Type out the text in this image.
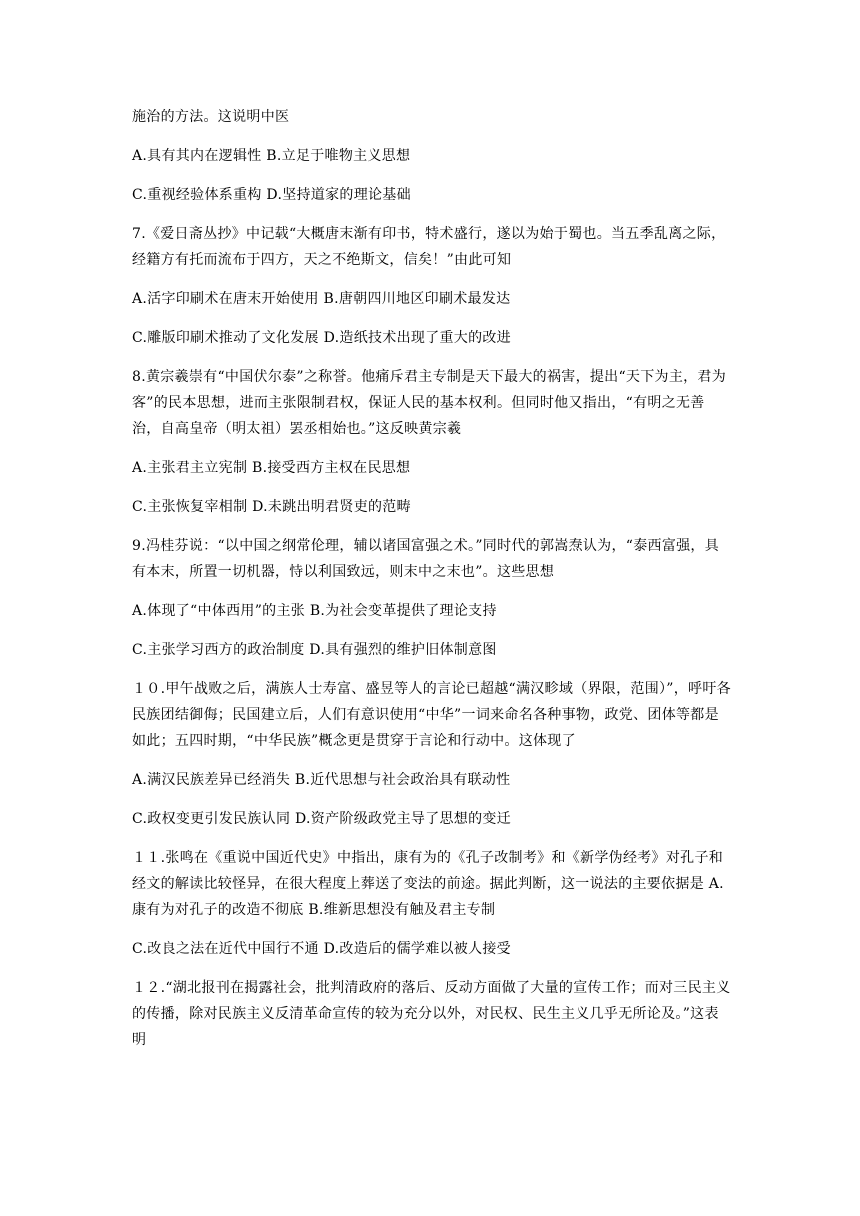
施治的方法。这说明中医

A.具有其内在逻辑性 B.立足于唯物主义思想

C.重视经验体系重构 D.坚持道家的理论基础

7.《爱日斋丛抄》中记载“大概唐末渐有印书，特术盛行，遂以为始于蜀也。当五季乱离之际，经籍方有托而流布于四方，天之不绝斯文，信矣！”由此可知

A.活字印刷术在唐末开始使用 B.唐朝四川地区印刷术最发达

C.雕版印刷术推动了文化发展 D.造纸技术出现了重大的改进

8.黄宗羲崇有“中国伏尔泰”之称誉。他痛斥君主专制是天下最大的祸害，提出“天下为主，君为客”的民本思想，进而主张限制君权，保证人民的基本权利。但同时他又指出，“有明之无善治，自高皇帝（明太祖）罢丞相始也。”这反映黄宗羲

A.主张君主立宪制 B.接受西方主权在民思想

C.主张恢复宰相制 D.未跳出明君贤吏的范畴

9.冯桂芬说：“以中国之纲常伦理，辅以诸国富强之术。”同时代的郭嵩焘认为，“泰西富强，具有本末，所置一切机器，恃以利国致远，则末中之末也”。这些思想

A.体现了“中体西用”的主张 B.为社会变革提供了理论支持

C.主张学习西方的政治制度 D.具有强烈的维护旧体制意图

１０.甲午战败之后，满族人士寿富、盛昱等人的言论已超越“满汉畛域（界限，范围）”，呼吁各民族团结御侮；民国建立后，人们有意识使用“中华”一词来命名各种事物，政党、团体等都是如此；五四时期，“中华民族”概念更是贯穿于言论和行动中。这体现了

A.满汉民族差异已经消失 B.近代思想与社会政治具有联动性

C.政权变更引发民族认同 D.资产阶级政党主导了思想的变迁

１１.张鸣在《重说中国近代史》中指出，康有为的《孔子改制考》和《新学伪经考》对孔子和经文的解读比较怪异，在很大程度上葬送了变法的前途。据此判断，这一说法的主要依据是 A.康有为对孔子的改造不彻底 B.维新思想没有触及君主专制

C.改良之法在近代中国行不通 D.改造后的儒学难以被人接受

１２.“湖北报刊在揭露社会，批判清政府的落后、反动方面做了大量的宣传工作；而对三民主义的传播，除对民族主义反清革命宣传的较为充分以外，对民权、民生主义几乎无所论及。”这表明
